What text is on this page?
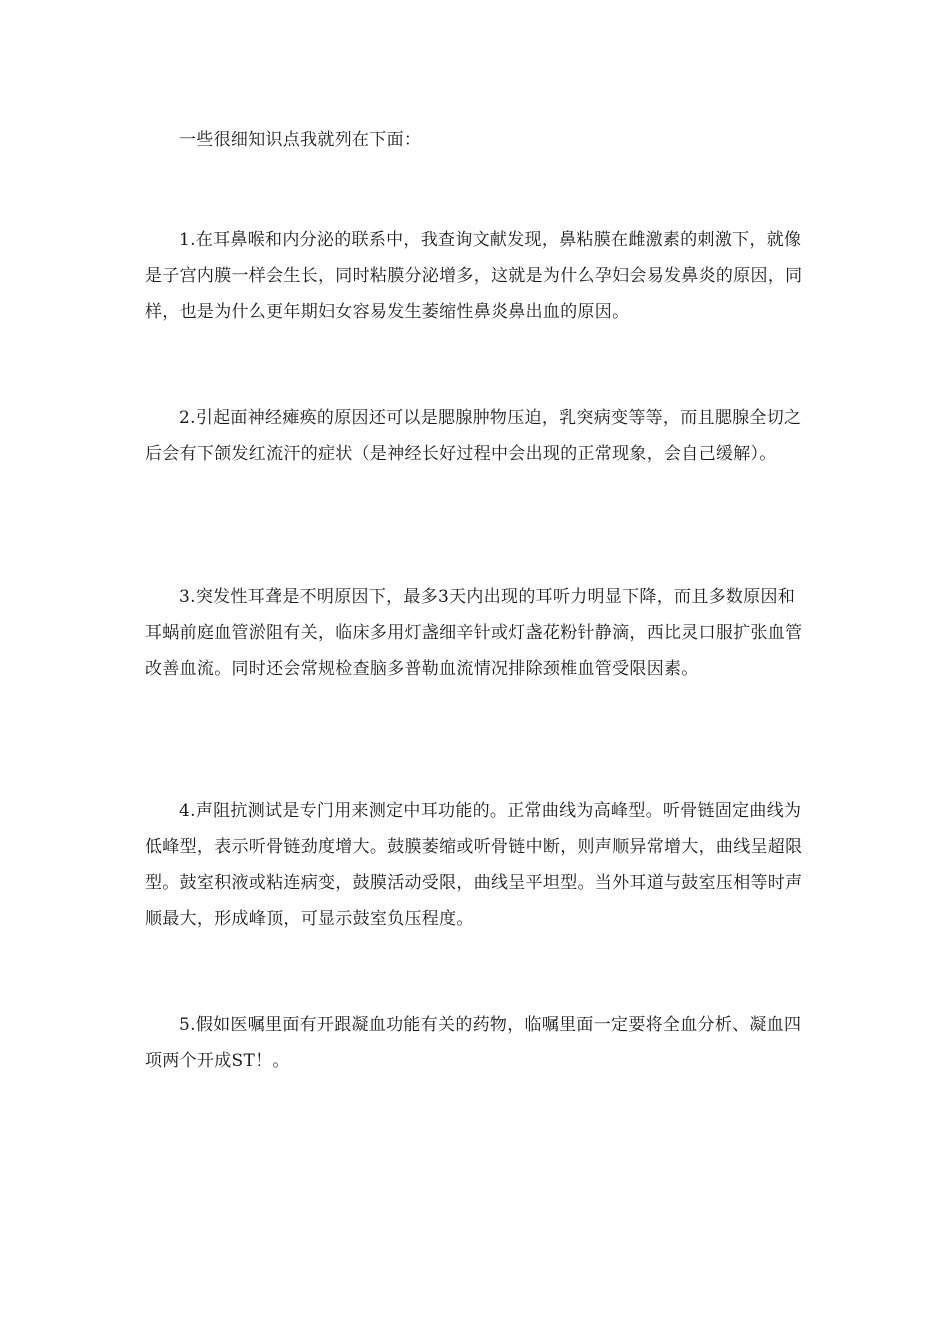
一些很细知识点我就列在下面：

1.在耳鼻喉和内分泌的联系中，我查询文献发现，鼻粘膜在雌激素的刺激下，就像是子宫内膜一样会生长，同时粘膜分泌增多，这就是为什么孕妇会易发鼻炎的原因，同样，也是为什么更年期妇女容易发生萎缩性鼻炎鼻出血的原因。

2.引起面神经瘫痪的原因还可以是腮腺肿物压迫，乳突病变等等，而且腮腺全切之后会有下颌发红流汗的症状（是神经长好过程中会出现的正常现象，会自己缓解）。

3.突发性耳聋是不明原因下，最多3天内出现的耳听力明显下降，而且多数原因和耳蜗前庭血管淤阻有关，临床多用灯盏细辛针或灯盏花粉针静滴，西比灵口服扩张血管改善血流。同时还会常规检查脑多普勒血流情况排除颈椎血管受限因素。

4.声阻抗测试是专门用来测定中耳功能的。正常曲线为高峰型。听骨链固定曲线为低峰型，表示听骨链劲度增大。鼓膜萎缩或听骨链中断，则声顺异常增大，曲线呈超限型。鼓室积液或粘连病变，鼓膜活动受限，曲线呈平坦型。当外耳道与鼓室压相等时声顺最大，形成峰顶，可显示鼓室负压程度。

5.假如医嘱里面有开跟凝血功能有关的药物，临嘱里面一定要将全血分析、凝血四项两个开成ST！。
